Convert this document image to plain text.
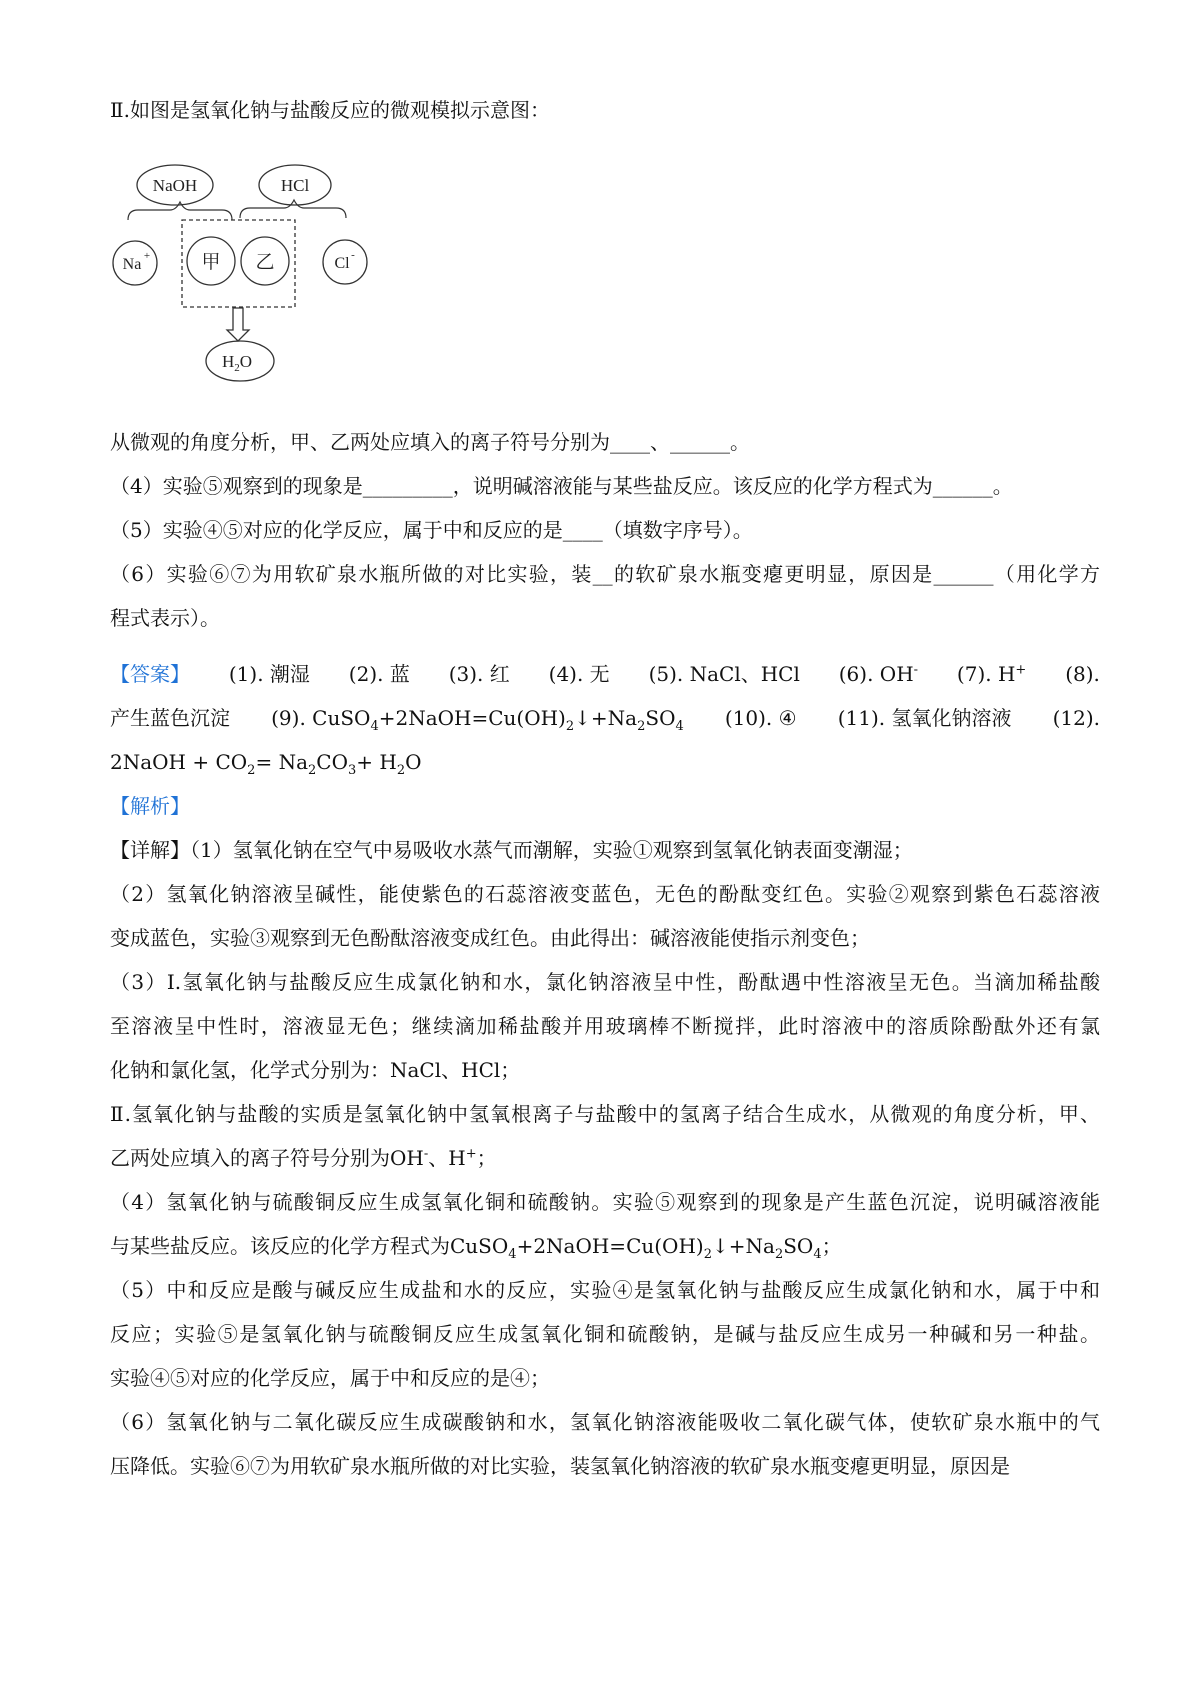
Ⅱ.如图是氢氧化钠与盐酸反应的微观模拟示意图：
NaOH	HCl
Na +	甲 乙	Cl -
$H_2O$
从微观的角度分析，甲、乙两处应填入的离子符号分别为____、______。
（4）实验⑤观察到的现象是_________，说明碱溶液能与某些盐反应。该反应的化学方程式为______。
（5）实验④⑤对应的化学反应，属于中和反应的是____（填数字序号）。
（6）实验⑥⑦为用软矿泉水瓶所做的对比实验，装__的软矿泉水瓶变瘪更明显，原因是______（用化学方
程式表示）。
【答案】 (1). 潮湿 (2). 蓝 (3). 红 (4). 无 (5). NaCl、HCl (6). OH- (7). H+ (8).
产生蓝色沉淀 (9). $CuSO_4+2NaOH=Cu(OH)_2↓+Na_2SO_4$ (10). ④ (11). 氢氧化钠溶液 (12).
2NaOH + $CO_2= Na_2CO_3+ H_2O$
【解析】
【详解】（1）氢氧化钠在空气中易吸收水蒸气而潮解，实验①观察到氢氧化钠表面变潮湿；
（2）氢氧化钠溶液呈碱性，能使紫色的石蕊溶液变蓝色，无色的酚酞变红色。实验②观察到紫色石蕊溶液
变成蓝色，实验③观察到无色酚酞溶液变成红色。由此得出：碱溶液能使指示剂变色；
（3）I.氢氧化钠与盐酸反应生成氯化钠和水，氯化钠溶液呈中性，酚酞遇中性溶液呈无色。当滴加稀盐酸
至溶液呈中性时，溶液显无色；继续滴加稀盐酸并用玻璃棒不断搅拌，此时溶液中的溶质除酚酞外还有氯
化钠和氯化氢，化学式分别为：NaCl、HCl；
Ⅱ.氢氧化钠与盐酸的实质是氢氧化钠中氢氧根离子与盐酸中的氢离子结合生成水，从微观的角度分析，甲、
乙两处应填入的离子符号分别为OH-、H+；
（4）氢氧化钠与硫酸铜反应生成氢氧化铜和硫酸钠。实验⑤观察到的现象是产生蓝色沉淀，说明碱溶液能
与某些盐反应。该反应的化学方程式为$CuSO_4+2NaOH=Cu(OH)_2↓+Na_2SO_4$；
（5）中和反应是酸与碱反应生成盐和水的反应，实验④是氢氧化钠与盐酸反应生成氯化钠和水，属于中和
反应；实验⑤是氢氧化钠与硫酸铜反应生成氢氧化铜和硫酸钠，是碱与盐反应生成另一种碱和另一种盐。
实验④⑤对应的化学反应，属于中和反应的是④；
（6）氢氧化钠与二氧化碳反应生成碳酸钠和水，氢氧化钠溶液能吸收二氧化碳气体，使软矿泉水瓶中的气
压降低。实验⑥⑦为用软矿泉水瓶所做的对比实验，装氢氧化钠溶液的软矿泉水瓶变瘪更明显，原因是
